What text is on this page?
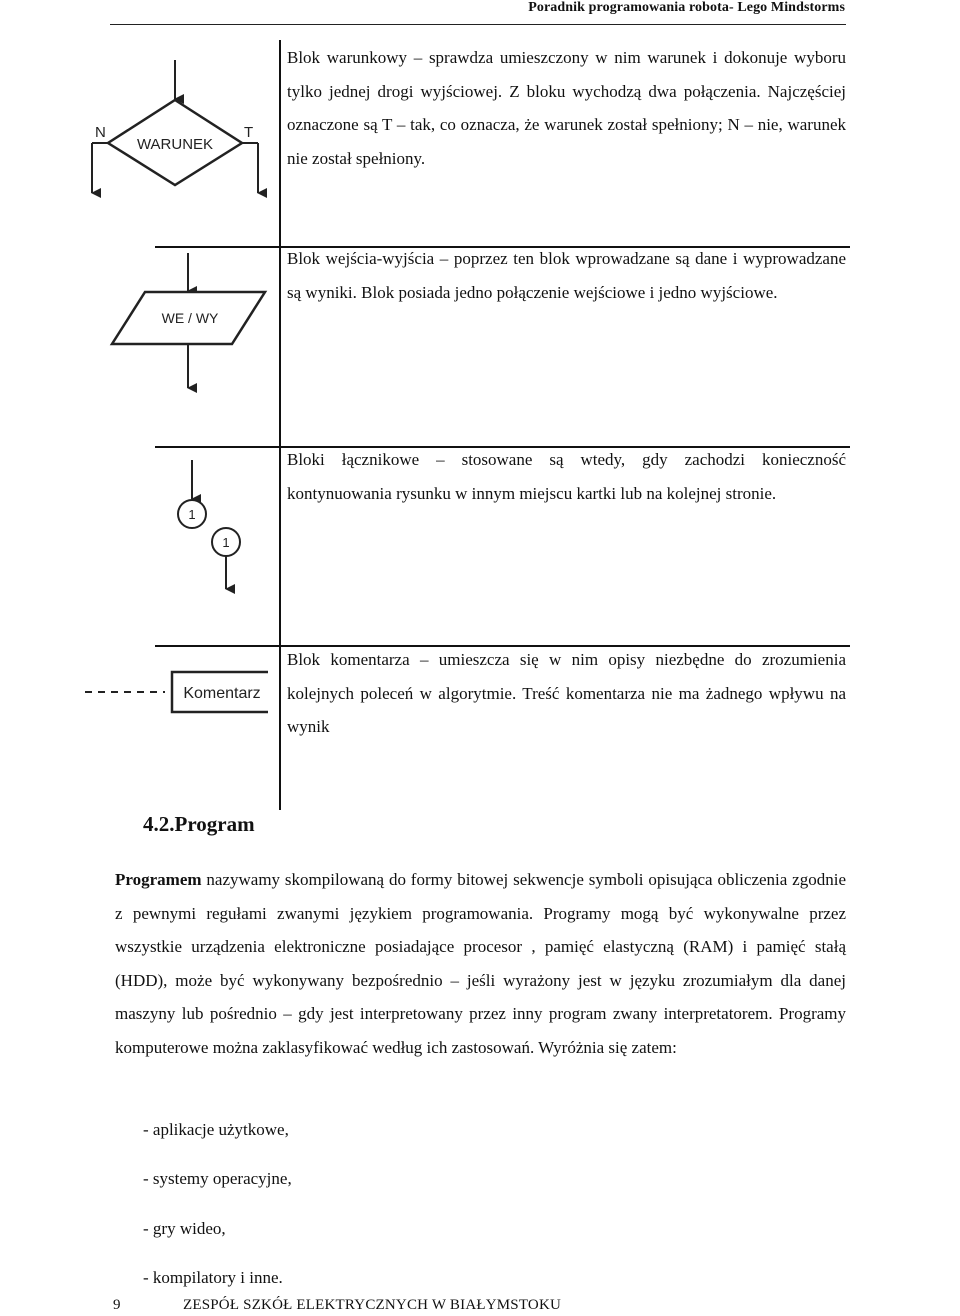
Poradnik programowania robota- Lego Mindstorms
N
WARUNEK
T
Blok warunkowy – sprawdza umieszczony w nim warunek i dokonuje wyboru tylko jednej drogi wyjściowej. Z bloku wychodzą dwa połączenia. Najczęściej oznaczone są T – tak, co oznacza, że warunek został spełniony; N – nie, warunek nie został spełniony.
WE / WY
Blok wejścia-wyjścia – poprzez ten blok wprowadzane są dane i wyprowadzane są wyniki. Blok posiada jedno połączenie wejściowe i jedno wyjściowe.
1
1
Bloki łącznikowe – stosowane są wtedy, gdy zachodzi konieczność kontynuowania rysunku w innym miejscu kartki lub na kolejnej stronie.
Komentarz
Blok komentarza – umieszcza się w nim opisy niezbędne do zrozumienia kolejnych poleceń w algorytmie. Treść komentarza nie ma żadnego wpływu na wynik
4.2.Program
Programem nazywamy skompilowaną do formy bitowej sekwencje symboli opisująca obliczenia zgodnie z pewnymi regułami zwanymi językiem programowania. Programy mogą być wykonywalne przez wszystkie urządzenia elektroniczne posiadające procesor , pamięć elastyczną (RAM) i pamięć stałą (HDD), może być wykonywany bezpośrednio – jeśli wyrażony jest w języku zrozumiałym dla danej maszyny lub pośrednio – gdy jest interpretowany przez inny program zwany interpretatorem. Programy komputerowe można zaklasyfikować według ich zastosowań. Wyróżnia się zatem:
- aplikacje użytkowe,
- systemy operacyjne,
- gry wideo,
- kompilatory i inne.
9	ZESPÓŁ SZKÓŁ ELEKTRYCZNYCH W BIAŁYMSTOKU
